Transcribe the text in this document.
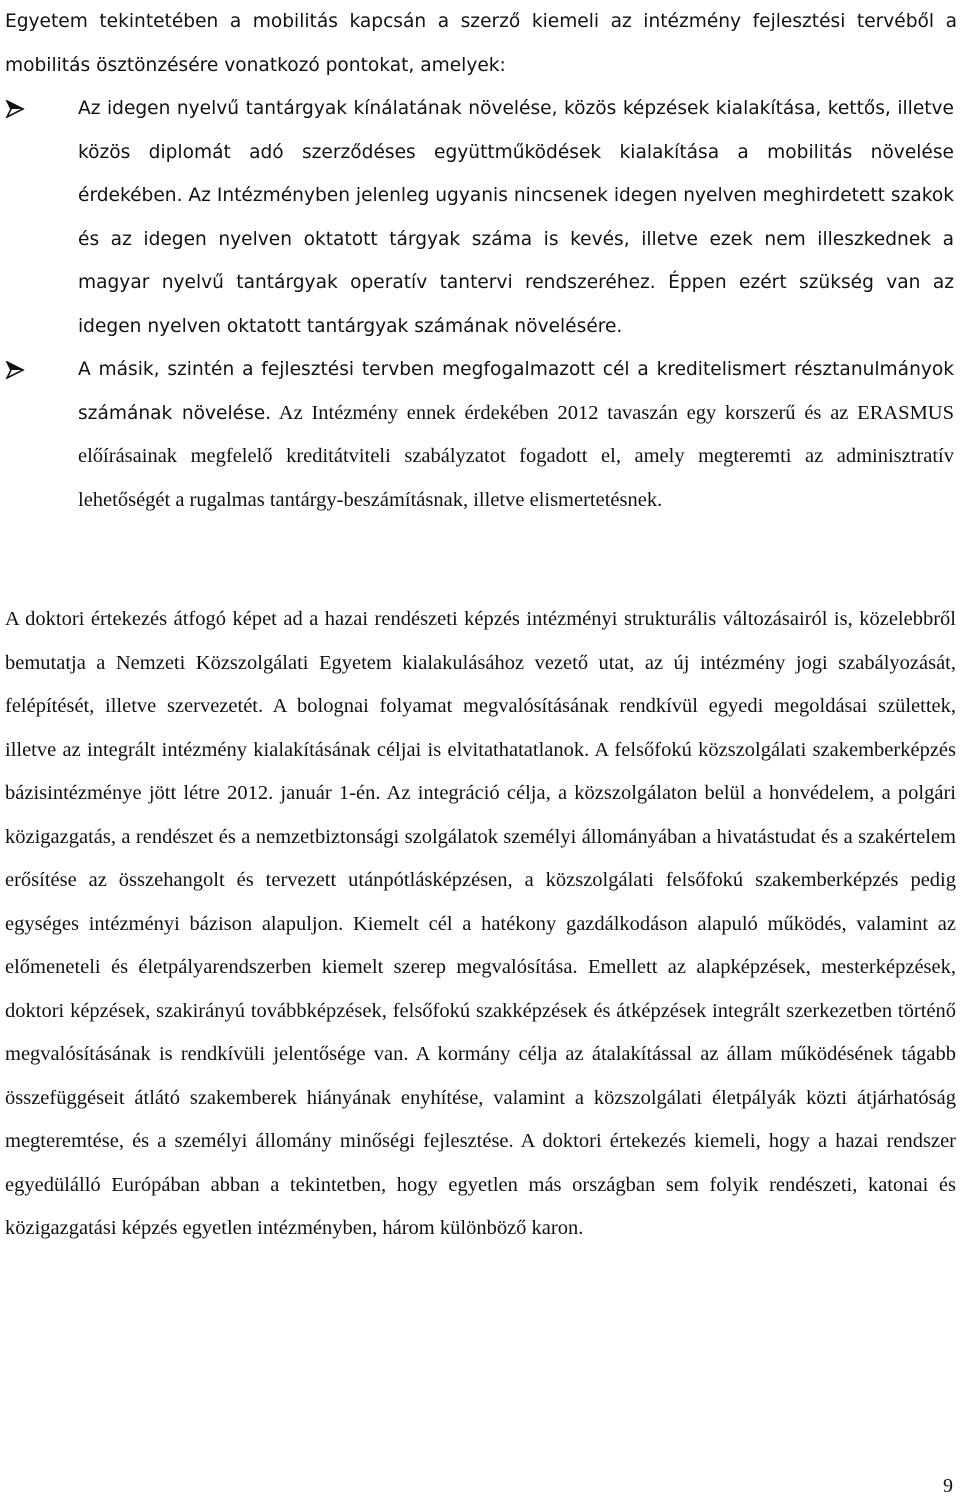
Egyetem tekintetében a mobilitás kapcsán a szerző kiemeli az intézmény fejlesztési tervéből a mobilitás ösztönzésére vonatkozó pontokat, amelyek:

Az idegen nyelvű tantárgyak kínálatának növelése, közös képzések kialakítása, kettős, illetve közös diplomát adó szerződéses együttműködések kialakítása a mobilitás növelése érdekében. Az Intézményben jelenleg ugyanis nincsenek idegen nyelven meghirdetett szakok és az idegen nyelven oktatott tárgyak száma is kevés, illetve ezek nem illeszkednek a magyar nyelvű tantárgyak operatív tantervi rendszeréhez. Éppen ezért szükség van az idegen nyelven oktatott tantárgyak számának növelésére.
A másik, szintén a fejlesztési tervben megfogalmazott cél a kreditelismert résztanulmányok számának növelése. Az Intézmény ennek érdekében 2012 tavaszán egy korszerű és az ERASMUS előírásainak megfelelő kreditátviteli szabályzatot fogadott el, amely megteremti az adminisztratív lehetőségét a rugalmas tantárgy-beszámításnak, illetve elismertetésnek.

A doktori értekezés átfogó képet ad a hazai rendészeti képzés intézményi strukturális változásairól is, közelebbről bemutatja a Nemzeti Közszolgálati Egyetem kialakulásához vezető utat, az új intézmény jogi szabályozását, felépítését, illetve szervezetét. A bolognai folyamat megvalósításának rendkívül egyedi megoldásai születtek, illetve az integrált intézmény kialakításának céljai is elvitathatatlanok. A felsőfokú közszolgálati szakemberképzés bázisintézménye jött létre 2012. január 1-én. Az integráció célja, a közszolgálaton belül a honvédelem, a polgári közigazgatás, a rendészet és a nemzetbiztonsági szolgálatok személyi állományában a hivatástudat és a szakértelem erősítése az összehangolt és tervezett utánpótlásképzésen, a közszolgálati felsőfokú szakemberképzés pedig egységes intézményi bázison alapuljon. Kiemelt cél a hatékony gazdálkodáson alapuló működés, valamint az előmeneteli és életpályarendszerben kiemelt szerep megvalósítása. Emellett az alapképzések, mesterképzések, doktori képzések, szakirányú továbbképzések, felsőfokú szakképzések és átképzések integrált szerkezetben történő megvalósításának is rendkívüli jelentősége van. A kormány célja az átalakítással az állam működésének tágabb összefüggéseit átlátó szakemberek hiányának enyhítése, valamint a közszolgálati életpályák közti átjárhatóság megteremtése, és a személyi állomány minőségi fejlesztése. A doktori értekezés kiemeli, hogy a hazai rendszer egyedülálló Európában abban a tekintetben, hogy egyetlen más országban sem folyik rendészeti, katonai és közigazgatási képzés egyetlen intézményben, három különböző karon.

9
